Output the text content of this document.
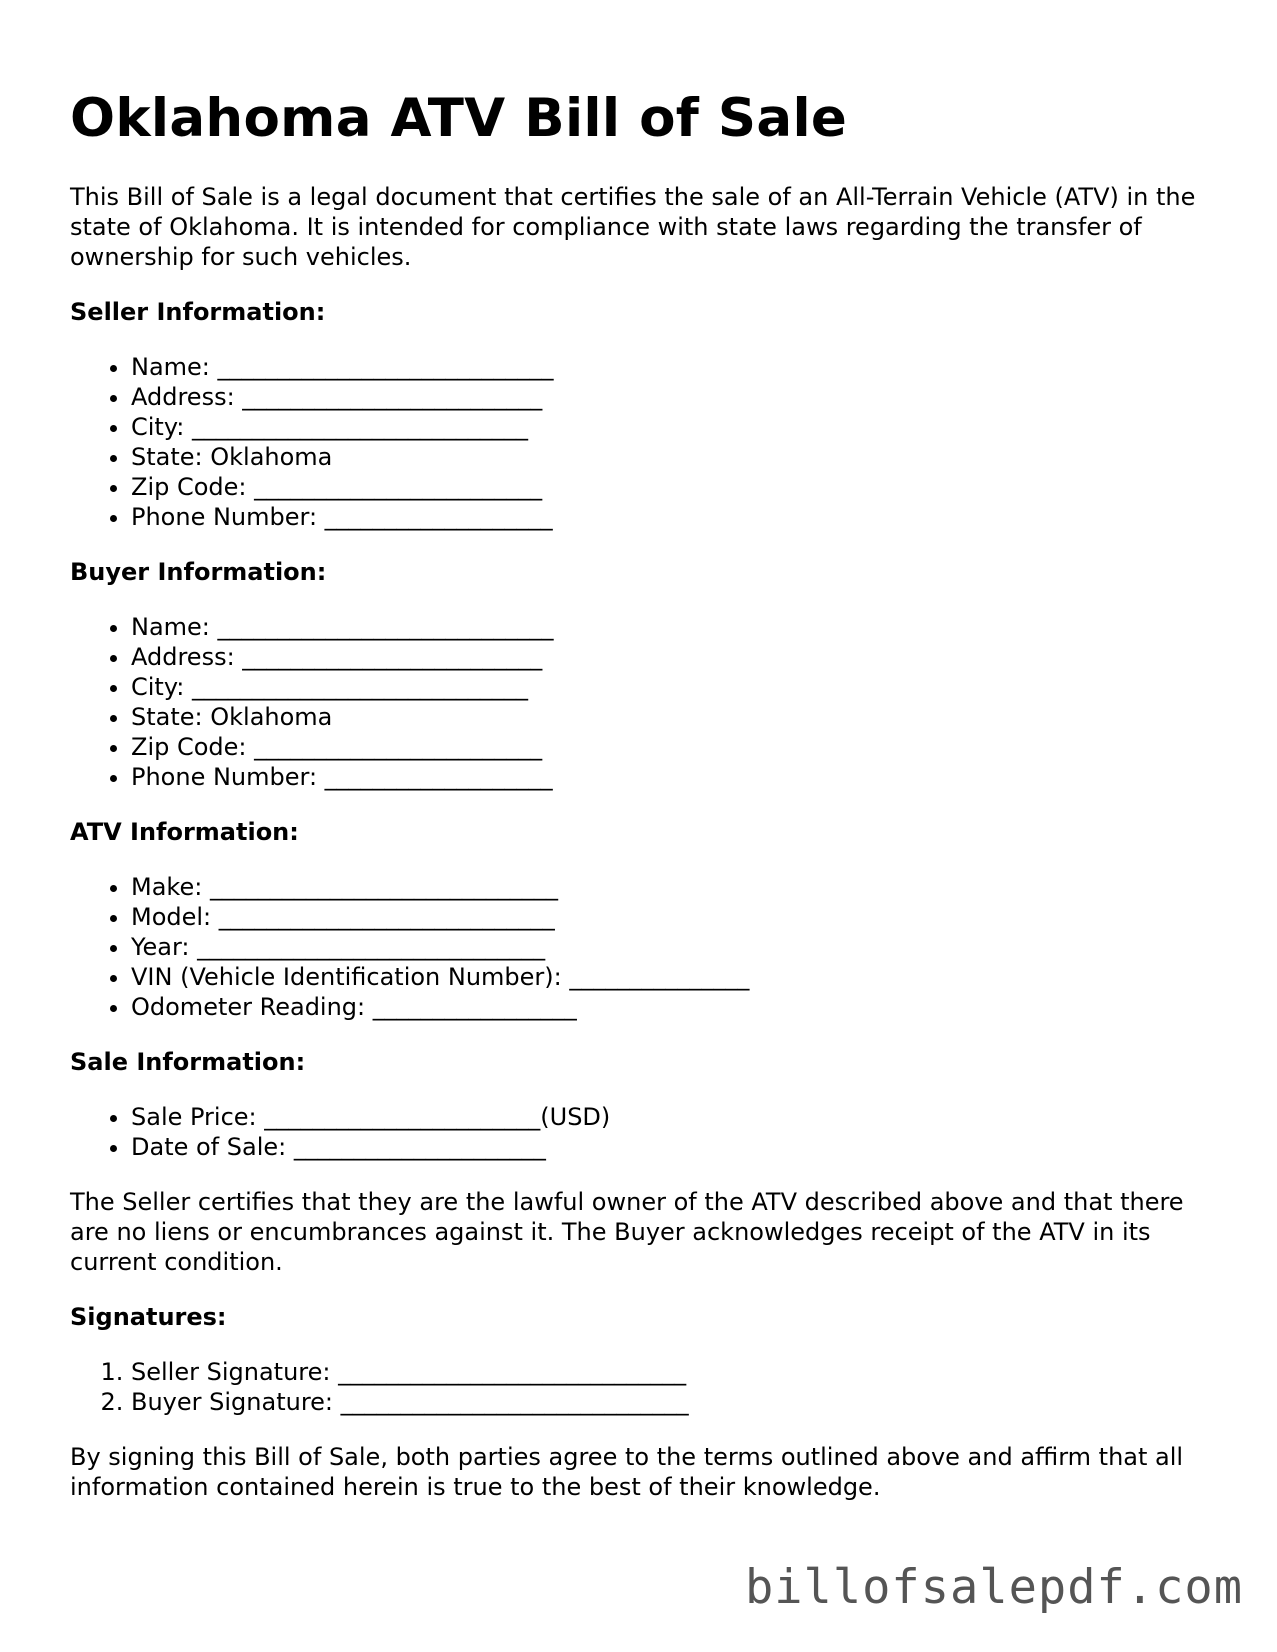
Oklahoma ATV Bill of Sale

This Bill of Sale is a legal document that certifies the sale of an All-Terrain Vehicle (ATV) in the state of Oklahoma. It is intended for compliance with state laws regarding the transfer of ownership for such vehicles.

Seller Information:
• Name: ____________________________
• Address: _________________________
• City: ____________________________
• State: Oklahoma
• Zip Code: ________________________
• Phone Number: ___________________
Buyer Information:
• Name: ____________________________
• Address: _________________________
• City: ____________________________
• State: Oklahoma
• Zip Code: ________________________
• Phone Number: ___________________
ATV Information:
• Make: _____________________________
• Model: ____________________________
• Year: _____________________________
• VIN (Vehicle Identification Number): _______________
• Odometer Reading: _________________
Sale Information:
• Sale Price: _______________________(USD)
• Date of Sale: _____________________

The Seller certifies that they are the lawful owner of the ATV described above and that there are no liens or encumbrances against it. The Buyer acknowledges receipt of the ATV in its current condition.

Signatures:
1. Seller Signature: _____________________________
2. Buyer Signature: _____________________________

By signing this Bill of Sale, both parties agree to the terms outlined above and affirm that all information contained herein is true to the best of their knowledge.

billofsalepdf.com
